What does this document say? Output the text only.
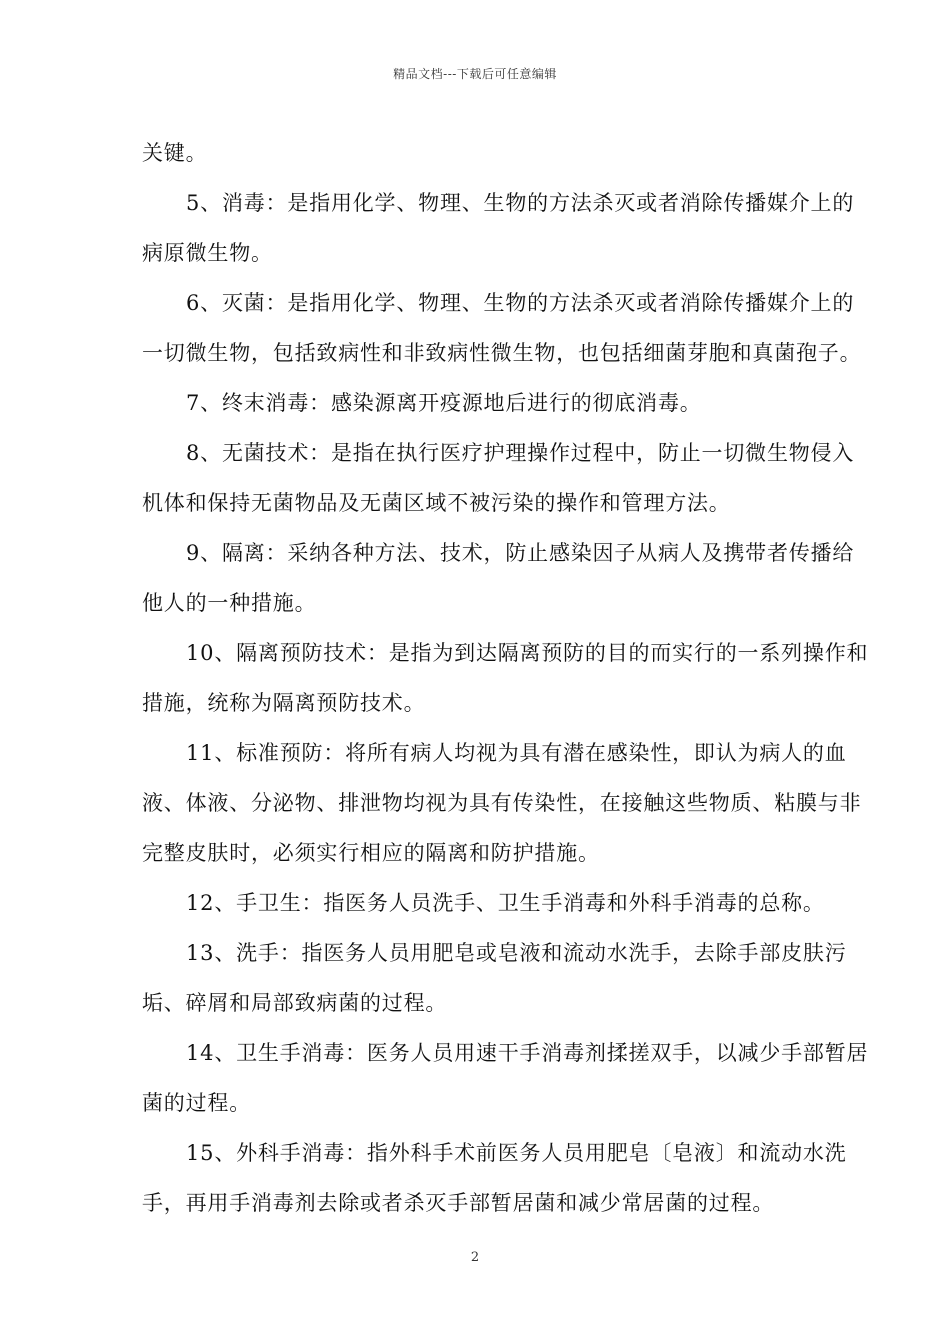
精品文档---下载后可任意编辑

关键。

5、消毒：是指用化学、物理、生物的方法杀灭或者消除传播媒介上的病原微生物。

6、灭菌：是指用化学、物理、生物的方法杀灭或者消除传播媒介上的一切微生物，包括致病性和非致病性微生物，也包括细菌芽胞和真菌孢子。

7、终末消毒：感染源离开疫源地后进行的彻底消毒。

8、无菌技术：是指在执行医疗护理操作过程中，防止一切微生物侵入机体和保持无菌物品及无菌区域不被污染的操作和管理方法。

9、隔离：采纳各种方法、技术，防止感染因子从病人及携带者传播给他人的一种措施。

10、隔离预防技术：是指为到达隔离预防的目的而实行的一系列操作和措施，统称为隔离预防技术。

11、标准预防：将所有病人均视为具有潜在感染性，即认为病人的血液、体液、分泌物、排泄物均视为具有传染性，在接触这些物质、粘膜与非完整皮肤时，必须实行相应的隔离和防护措施。

12、手卫生：指医务人员洗手、卫生手消毒和外科手消毒的总称。

13、洗手：指医务人员用肥皂或皂液和流动水洗手，去除手部皮肤污垢、碎屑和局部致病菌的过程。

14、卫生手消毒：医务人员用速干手消毒剂揉搓双手，以减少手部暂居菌的过程。

15、外科手消毒：指外科手术前医务人员用肥皂〔皂液〕和流动水洗手，再用手消毒剂去除或者杀灭手部暂居菌和减少常居菌的过程。

2
